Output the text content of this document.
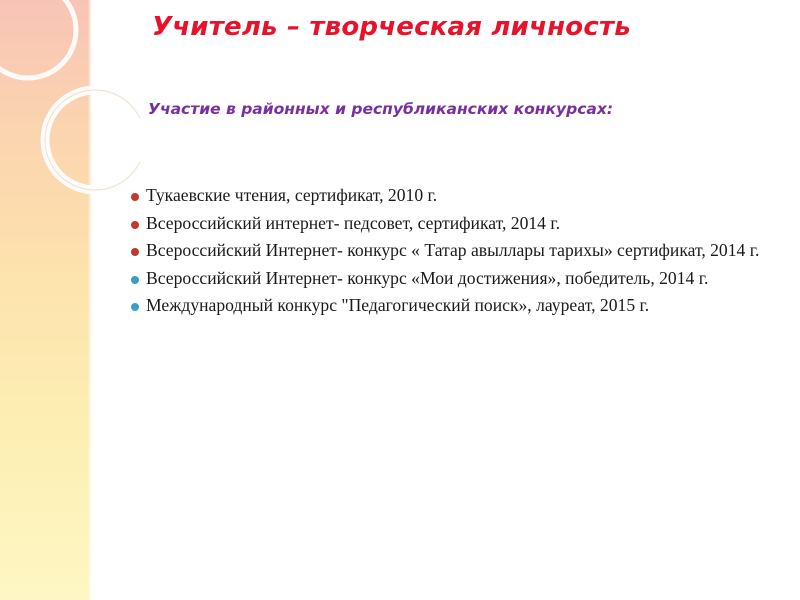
Учитель – творческая личность
Участие в районных и республиканских конкурсах:
Тукаевские чтения, сертификат, 2010 г.
Всероссийский интернет- педсовет, сертификат, 2014 г.
Всероссийский Интернет- конкурс « Татар авыллары тарихы» сертификат, 2014 г.
Всероссийский Интернет- конкурс «Мои достижения», победитель, 2014 г.
Международный конкурс "Педагогический поиск», лауреат, 2015 г.
